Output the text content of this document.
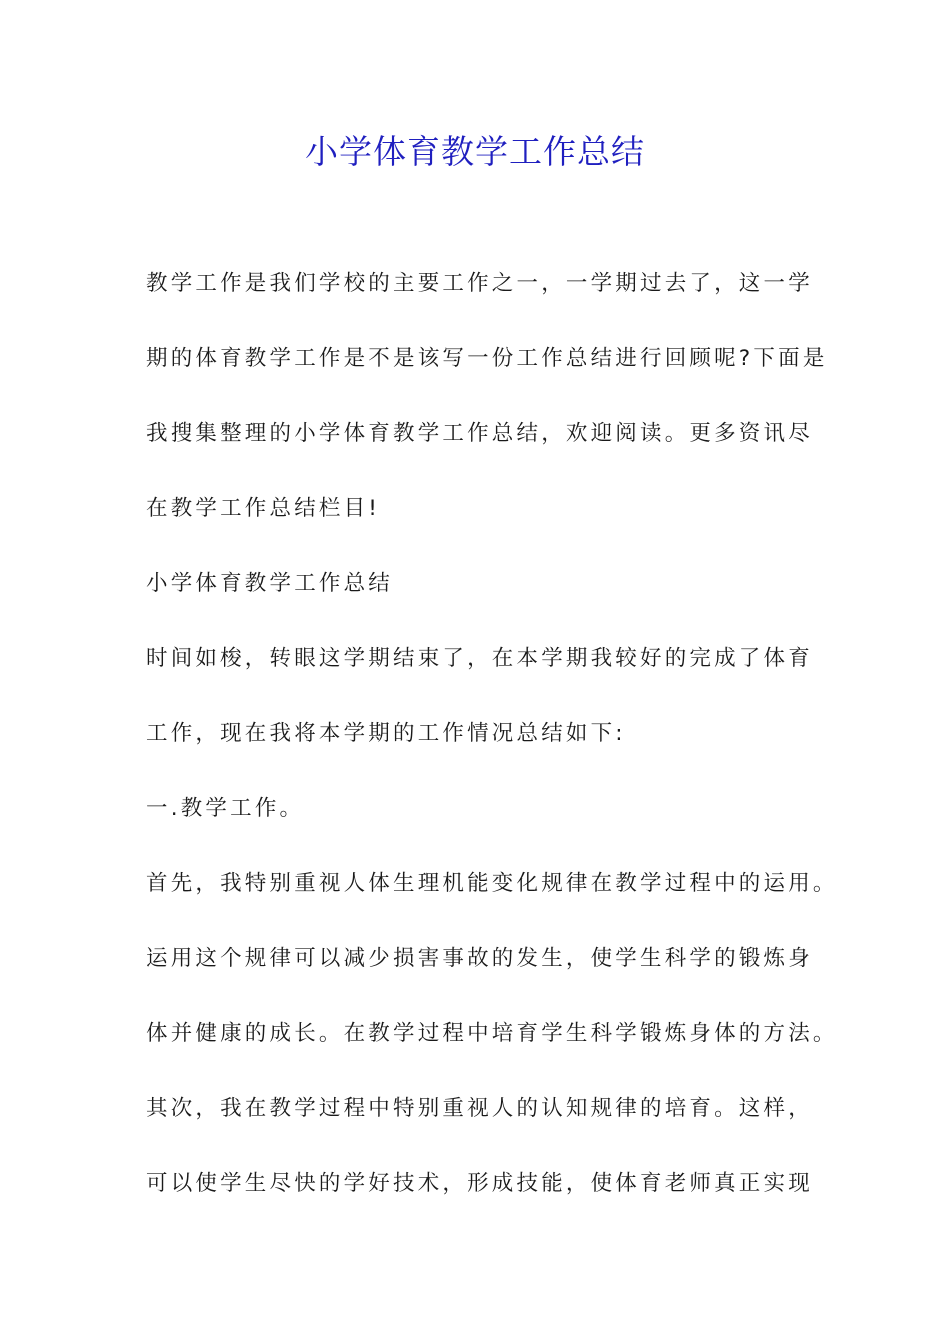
小学体育教学工作总结

教学工作是我们学校的主要工作之一，一学期过去了，这一学

期的体育教学工作是不是该写一份工作总结进行回顾呢?下面是

我搜集整理的小学体育教学工作总结，欢迎阅读。更多资讯尽

在教学工作总结栏目!

小学体育教学工作总结

时间如梭，转眼这学期结束了，在本学期我较好的完成了体育

工作，现在我将本学期的工作情况总结如下:

一.教学工作。

首先，我特别重视人体生理机能变化规律在教学过程中的运用。

运用这个规律可以减少损害事故的发生，使学生科学的锻炼身

体并健康的成长。在教学过程中培育学生科学锻炼身体的方法。

其次，我在教学过程中特别重视人的认知规律的培育。这样，

可以使学生尽快的学好技术，形成技能，使体育老师真正实现
